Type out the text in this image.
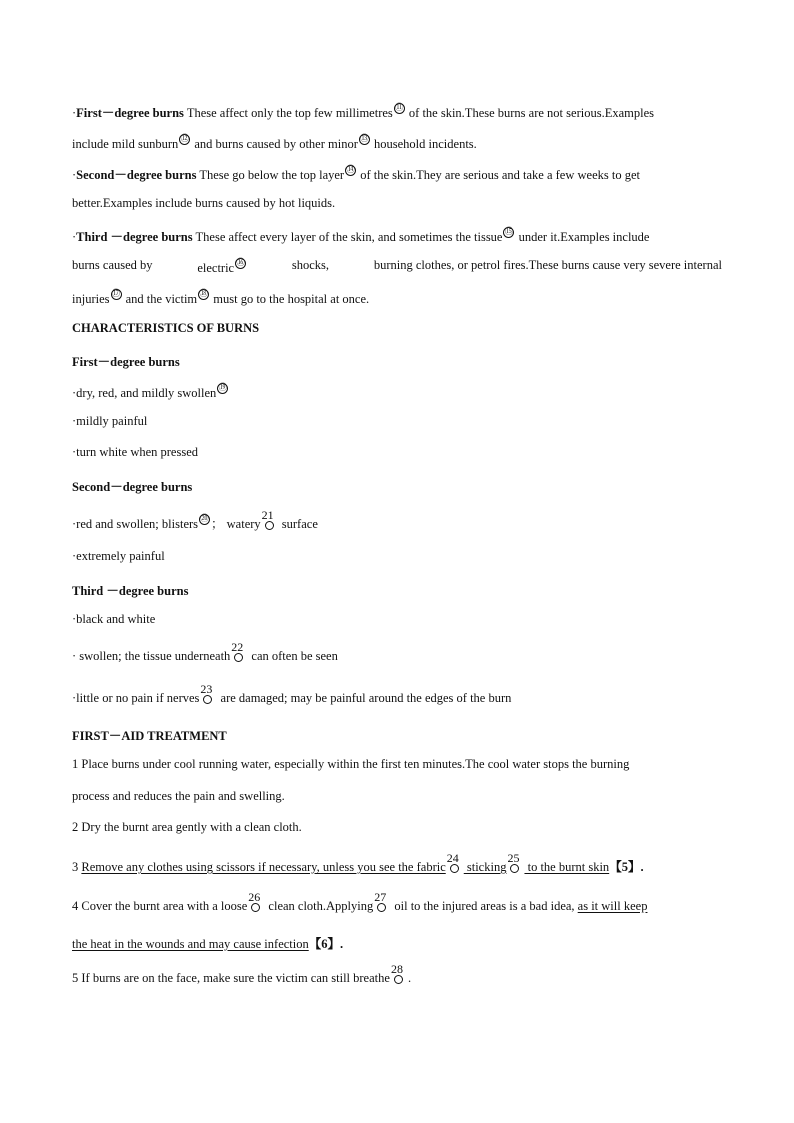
·First－degree burns These affect only the top few millimetres ⑪ of the skin.These burns are not serious.Examples
include mild sunburn ⑫ and burns caused by other minor ⑬ household incidents.
·Second－degree burns These go below the top layer ⑭ of the skin.They are serious and take a few weeks to get
better.Examples include burns caused by hot liquids.
·Third －degree burns These affect every layer of the skin, and sometimes the tissue ⑮ under it.Examples include
burns caused by	electric ⑯	shocks,	burning clothes, or petrol fires.These burns cause very severe internal
injuries ⑰ and the victim ⑱ must go to the hospital at once.
CHARACTERISTICS OF BURNS
First－degree burns
·dry, red, and mildly swollen ⑲
·mildly painful
·turn white when pressed
Second－degree burns
·red and swollen; blisters ⑳ ； watery
21
surface
·extremely painful
Third －degree burns
·black and white
· swollen; the tissue underneath
22
can often be seen
·little or no pain if nerves
23
are damaged; may be painful around the edges of the burn
FIRST－AID TREATMENT
1 Place burns under cool running water, especially within the first ten minutes.The cool water stops the burning
process and reduces the pain and swelling.
2 Dry the burnt area gently with a clean cloth.
3 Remove any clothes using scissors if necessary, unless you see the fabric
24
sticking
25
to the burnt skin【5】.
4 Cover the burnt area with a loose
26
clean cloth.Applying
27
oil to the injured areas is a bad idea, as it will keep
the heat in the wounds and may cause infection【6】.
5 If burns are on the face, make sure the victim can still breathe
28
.
